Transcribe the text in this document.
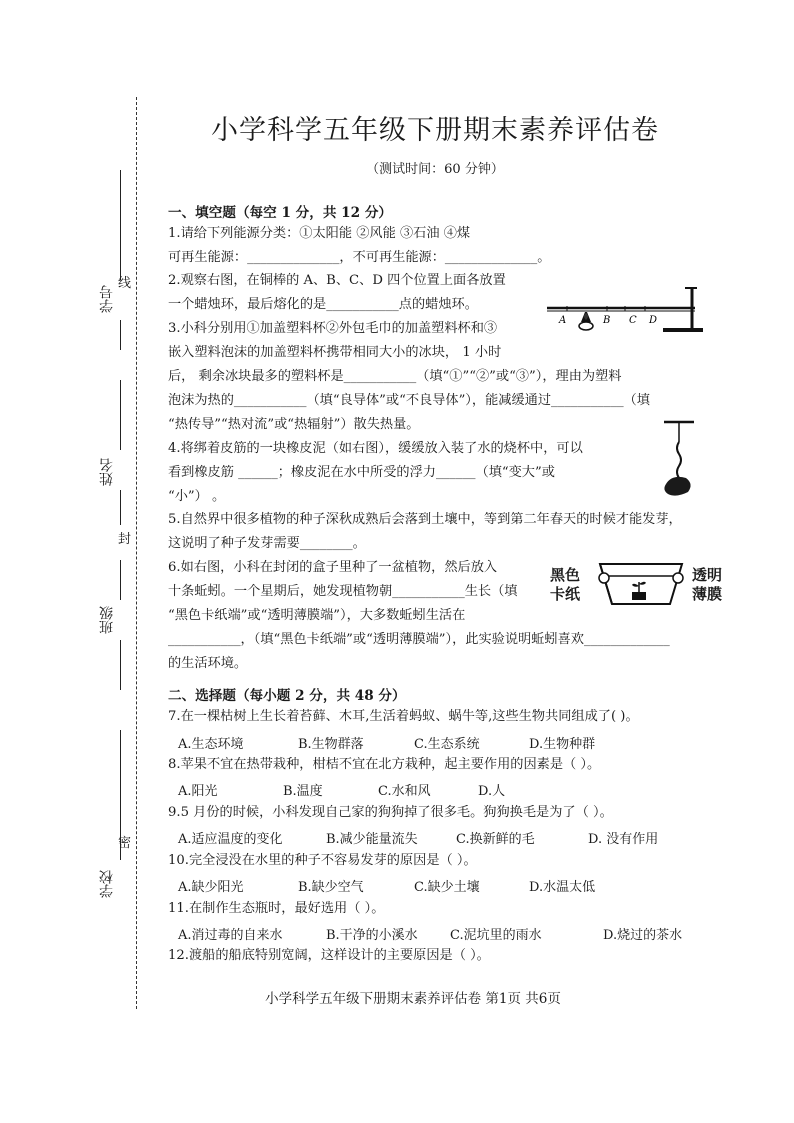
学号
姓名
班级
学校
线
封
密
小学科学五年级下册期末素养评估卷
（测试时间：60 分钟）
一、填空题（每空 1 分，共 12 分）
1.请给下列能源分类：①太阳能 ②风能 ③石油 ④煤
可再生能源：______________，不可再生能源：______________。
2.观察右图，在铜棒的 A、B、C、D 四个位置上面各放置
一个蜡烛环，最后熔化的是___________点的蜡烛环。
3.小科分别用①加盖塑料杯②外包毛巾的加盖塑料杯和③
嵌入塑料泡沫的加盖塑料杯携带相同大小的冰块， 1 小时
后， 剩余冰块最多的塑料杯是___________（填“①”“②”或“③”），理由为塑料
泡沫为热的___________（填“良导体”或“不良导体”），能减缓通过___________（填
“热传导”“热对流”或“热辐射”）散失热量。
4.将绑着皮筋的一块橡皮泥（如右图），缓缓放入装了水的烧杯中，可以
看到橡皮筋 ______；橡皮泥在水中所受的浮力______（填“变大”或
“小”） 。
5.自然界中很多植物的种子深秋成熟后会落到土壤中，等到第二年春天的时候才能发芽，
这说明了种子发芽需要________。
6.如右图，小科在封闭的盒子里种了一盆植物，然后放入
十条蚯蚓。一个星期后，她发现植物朝___________生长（填
“黑色卡纸端”或“透明薄膜端”），大多数蚯蚓生活在
___________，（填“黑色卡纸端”或“透明薄膜端”），此实验说明蚯蚓喜欢_____________
的生活环境。
A	B C D
黑色
卡纸
透明
薄膜
二、选择题（每小题 2 分，共 48 分）
7.在一棵枯树上生长着苔藓、木耳,生活着蚂蚁、蜗牛等,这些生物共同组成了( )。
A.生态环境	B.生物群落	C.生态系统	D.生物种群
8.苹果不宜在热带栽种，柑桔不宜在北方栽种，起主要作用的因素是（ ）。
A.阳光	B.温度	C.水和风	D.人
9.5 月份的时候，小科发现自己家的狗狗掉了很多毛。狗狗换毛是为了（ ）。
A.适应温度的变化	B.减少能量流失	C.换新鲜的毛	D. 没有作用
10.完全浸没在水里的种子不容易发芽的原因是（ ）。
A.缺少阳光	B.缺少空气	C.缺少土壤	D.水温太低
11.在制作生态瓶时，最好选用（ ）。
A.消过毒的自来水	B.干净的小溪水 C.泥坑里的雨水	D.烧过的茶水
12.渡船的船底特别宽阔，这样设计的主要原因是（ ）。
小学科学五年级下册期末素养评估卷 第1页 共6页
